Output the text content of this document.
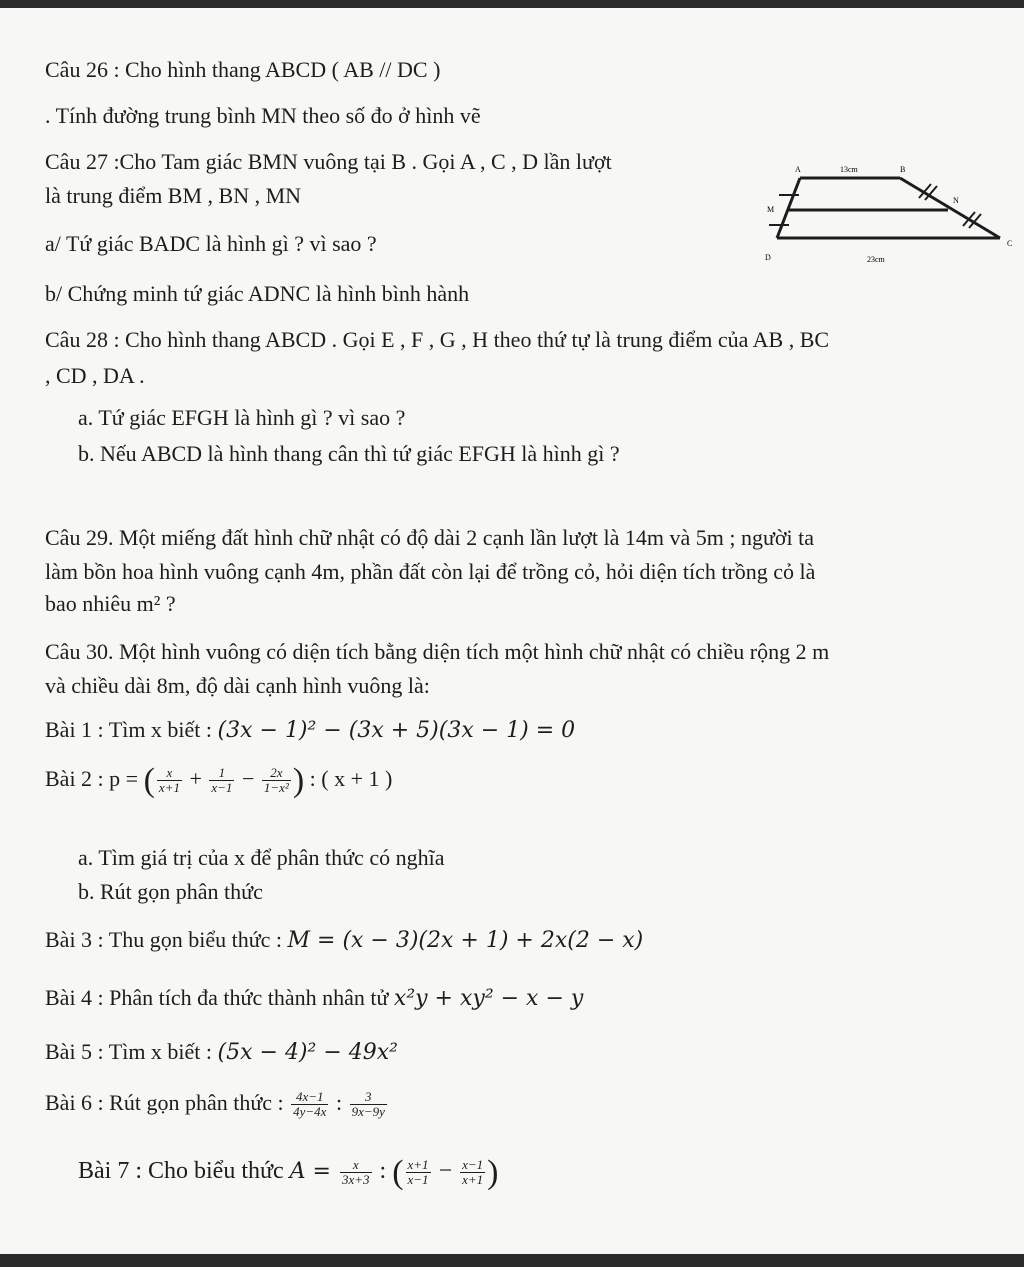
Câu 26 : Cho hình thang ABCD ( AB // DC )
. Tính đường trung bình MN theo số đo ở hình vẽ
Câu 27 :Cho Tam giác BMN vuông tại B . Gọi A , C , D lần lượt
là trung điểm BM , BN , MN
a/ Tứ giác BADC là hình gì ? vì sao ?
b/ Chứng minh tứ giác ADNC là hình bình hành
A	B
C
D
M
N
13cm
23cm
Câu 28 : Cho hình thang ABCD . Gọi E , F , G , H theo thứ tự là trung điểm của AB , BC
, CD , DA .
a. Tứ giác EFGH là hình gì ? vì sao ?
b. Nếu ABCD là hình thang cân thì tứ giác EFGH là hình gì ?
Câu 29. Một miếng đất hình chữ nhật có độ dài 2 cạnh lần lượt là 14m và 5m ; người ta
làm bồn hoa hình vuông cạnh 4m, phần đất còn lại để trồng cỏ, hỏi diện tích trồng cỏ là
bao nhiêu m² ?
Câu 30. Một hình vuông có diện tích bằng diện tích một hình chữ nhật có chiều rộng 2 m
và chiều dài 8m, độ dài cạnh hình vuông là:
Bài 1 : Tìm x biết : (3x − 1)² − (3x + 5)(3x − 1) = 0
Bài 2 : p = ( $\frac{x}{x+1} + \frac{1}{x-1} - \frac{2x}{\text{1−x²}}$ ) : ( x + 1 )
a. Tìm giá trị của x để phân thức có nghĩa
b. Rút gọn phân thức
Bài 3 : Thu gọn biểu thức : M = (x − 3)(2x + 1) + 2x(2 − x)
Bài 4 : Phân tích đa thức thành nhân tử x²y + xy² − x − y
Bài 5 : Tìm x biết : (5x − 4)² − 49x²
Bài 6 : Rút gọn phân thức : $\frac{4x-1}{4y-4x}$ : $\frac{3}{9x-9y}$
Bài 7 : Cho biểu thức $A = \frac{x}{3x+3}$ : ( $\frac{x+1}{x-1} - \frac{x-1}{x+1}$ )
